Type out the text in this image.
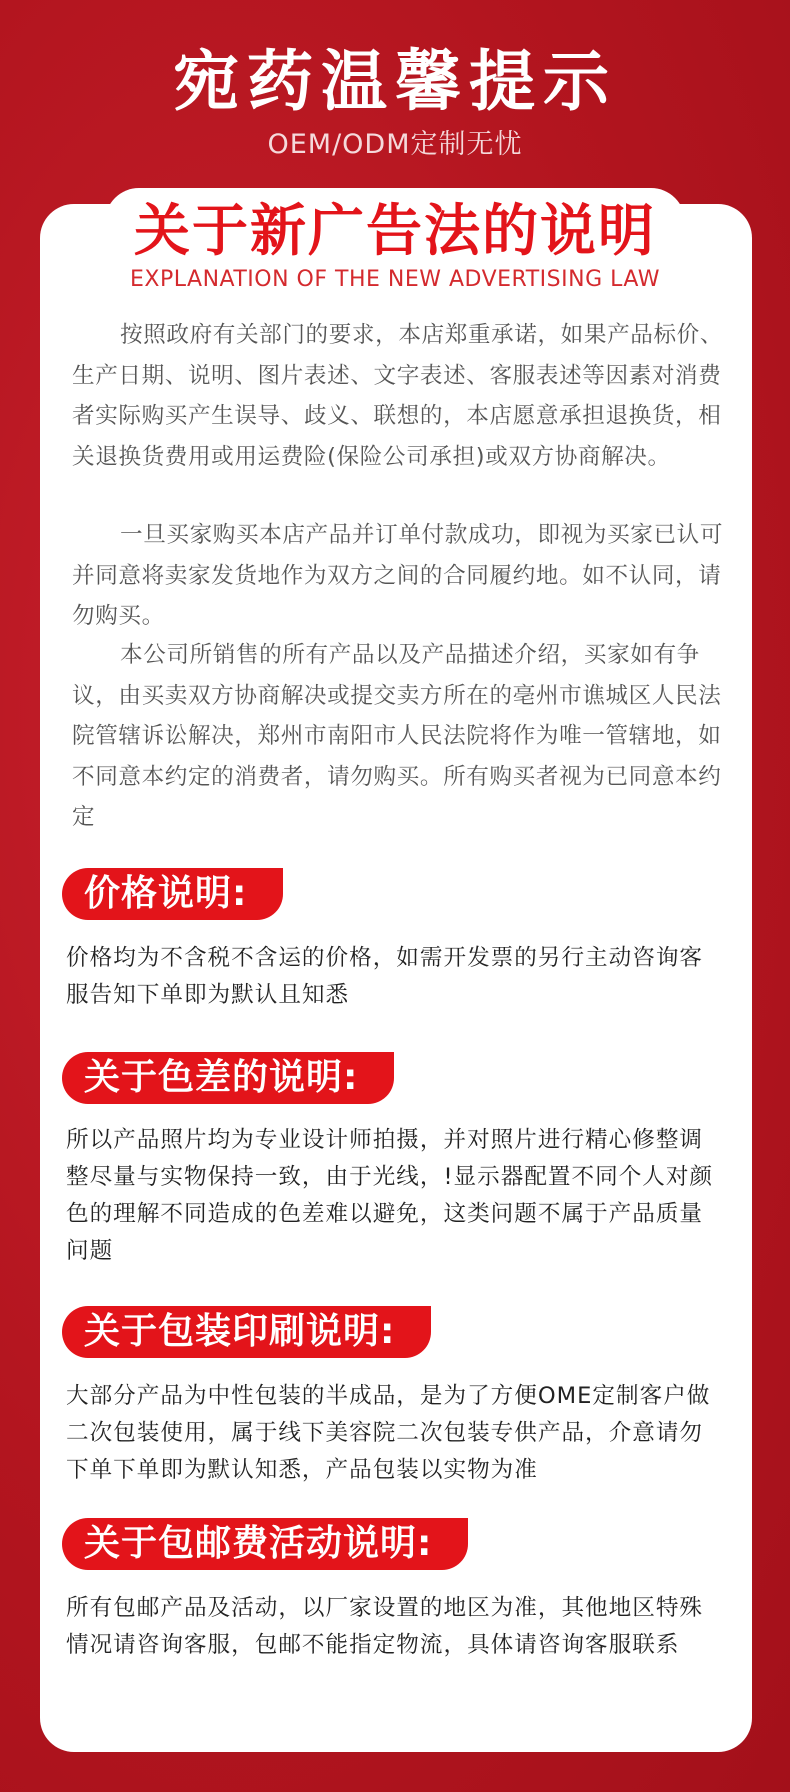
宛药温馨提示
OEM/ODM定制无忧
关于新广告法的说明
EXPLANATION OF THE NEW ADVERTISING LAW

按照政府有关部门的要求，本店郑重承诺，如果产品标价、生产日期、说明、图片表述、文字表述、客服表述等因素对消费者实际购买产生误导、歧义、联想的，本店愿意承担退换货，相关退换货费用或用运费险(保险公司承担)或双方协商解决。

一旦买家购买本店产品并订单付款成功，即视为买家已认可并同意将卖家发货地作为双方之间的合同履约地。如不认同，请勿购买。

本公司所销售的所有产品以及产品描述介绍，买家如有争议，由买卖双方协商解决或提交卖方所在的亳州市谯城区人民法院管辖诉讼解决，郑州市南阳市人民法院将作为唯一管辖地，如不同意本约定的消费者，请勿购买。所有购买者视为已同意本约定

价格说明:

价格均为不含税不含运的价格，如需开发票的另行主动咨询客服告知下单即为默认且知悉

关于色差的说明:

所以产品照片均为专业设计师拍摄，并对照片进行精心修整调整尽量与实物保持一致，由于光线，!显示器配置不同个人对颜色的理解不同造成的色差难以避免，这类问题不属于产品质量问题

关于包装印刷说明:

大部分产品为中性包装的半成品，是为了方便OME定制客户做二次包装使用，属于线下美容院二次包装专供产品，介意请勿下单下单即为默认知悉，产品包装以实物为准

关于包邮费活动说明:

所有包邮产品及活动，以厂家设置的地区为准，其他地区特殊情况请咨询客服，包邮不能指定物流，具体请咨询客服联系
